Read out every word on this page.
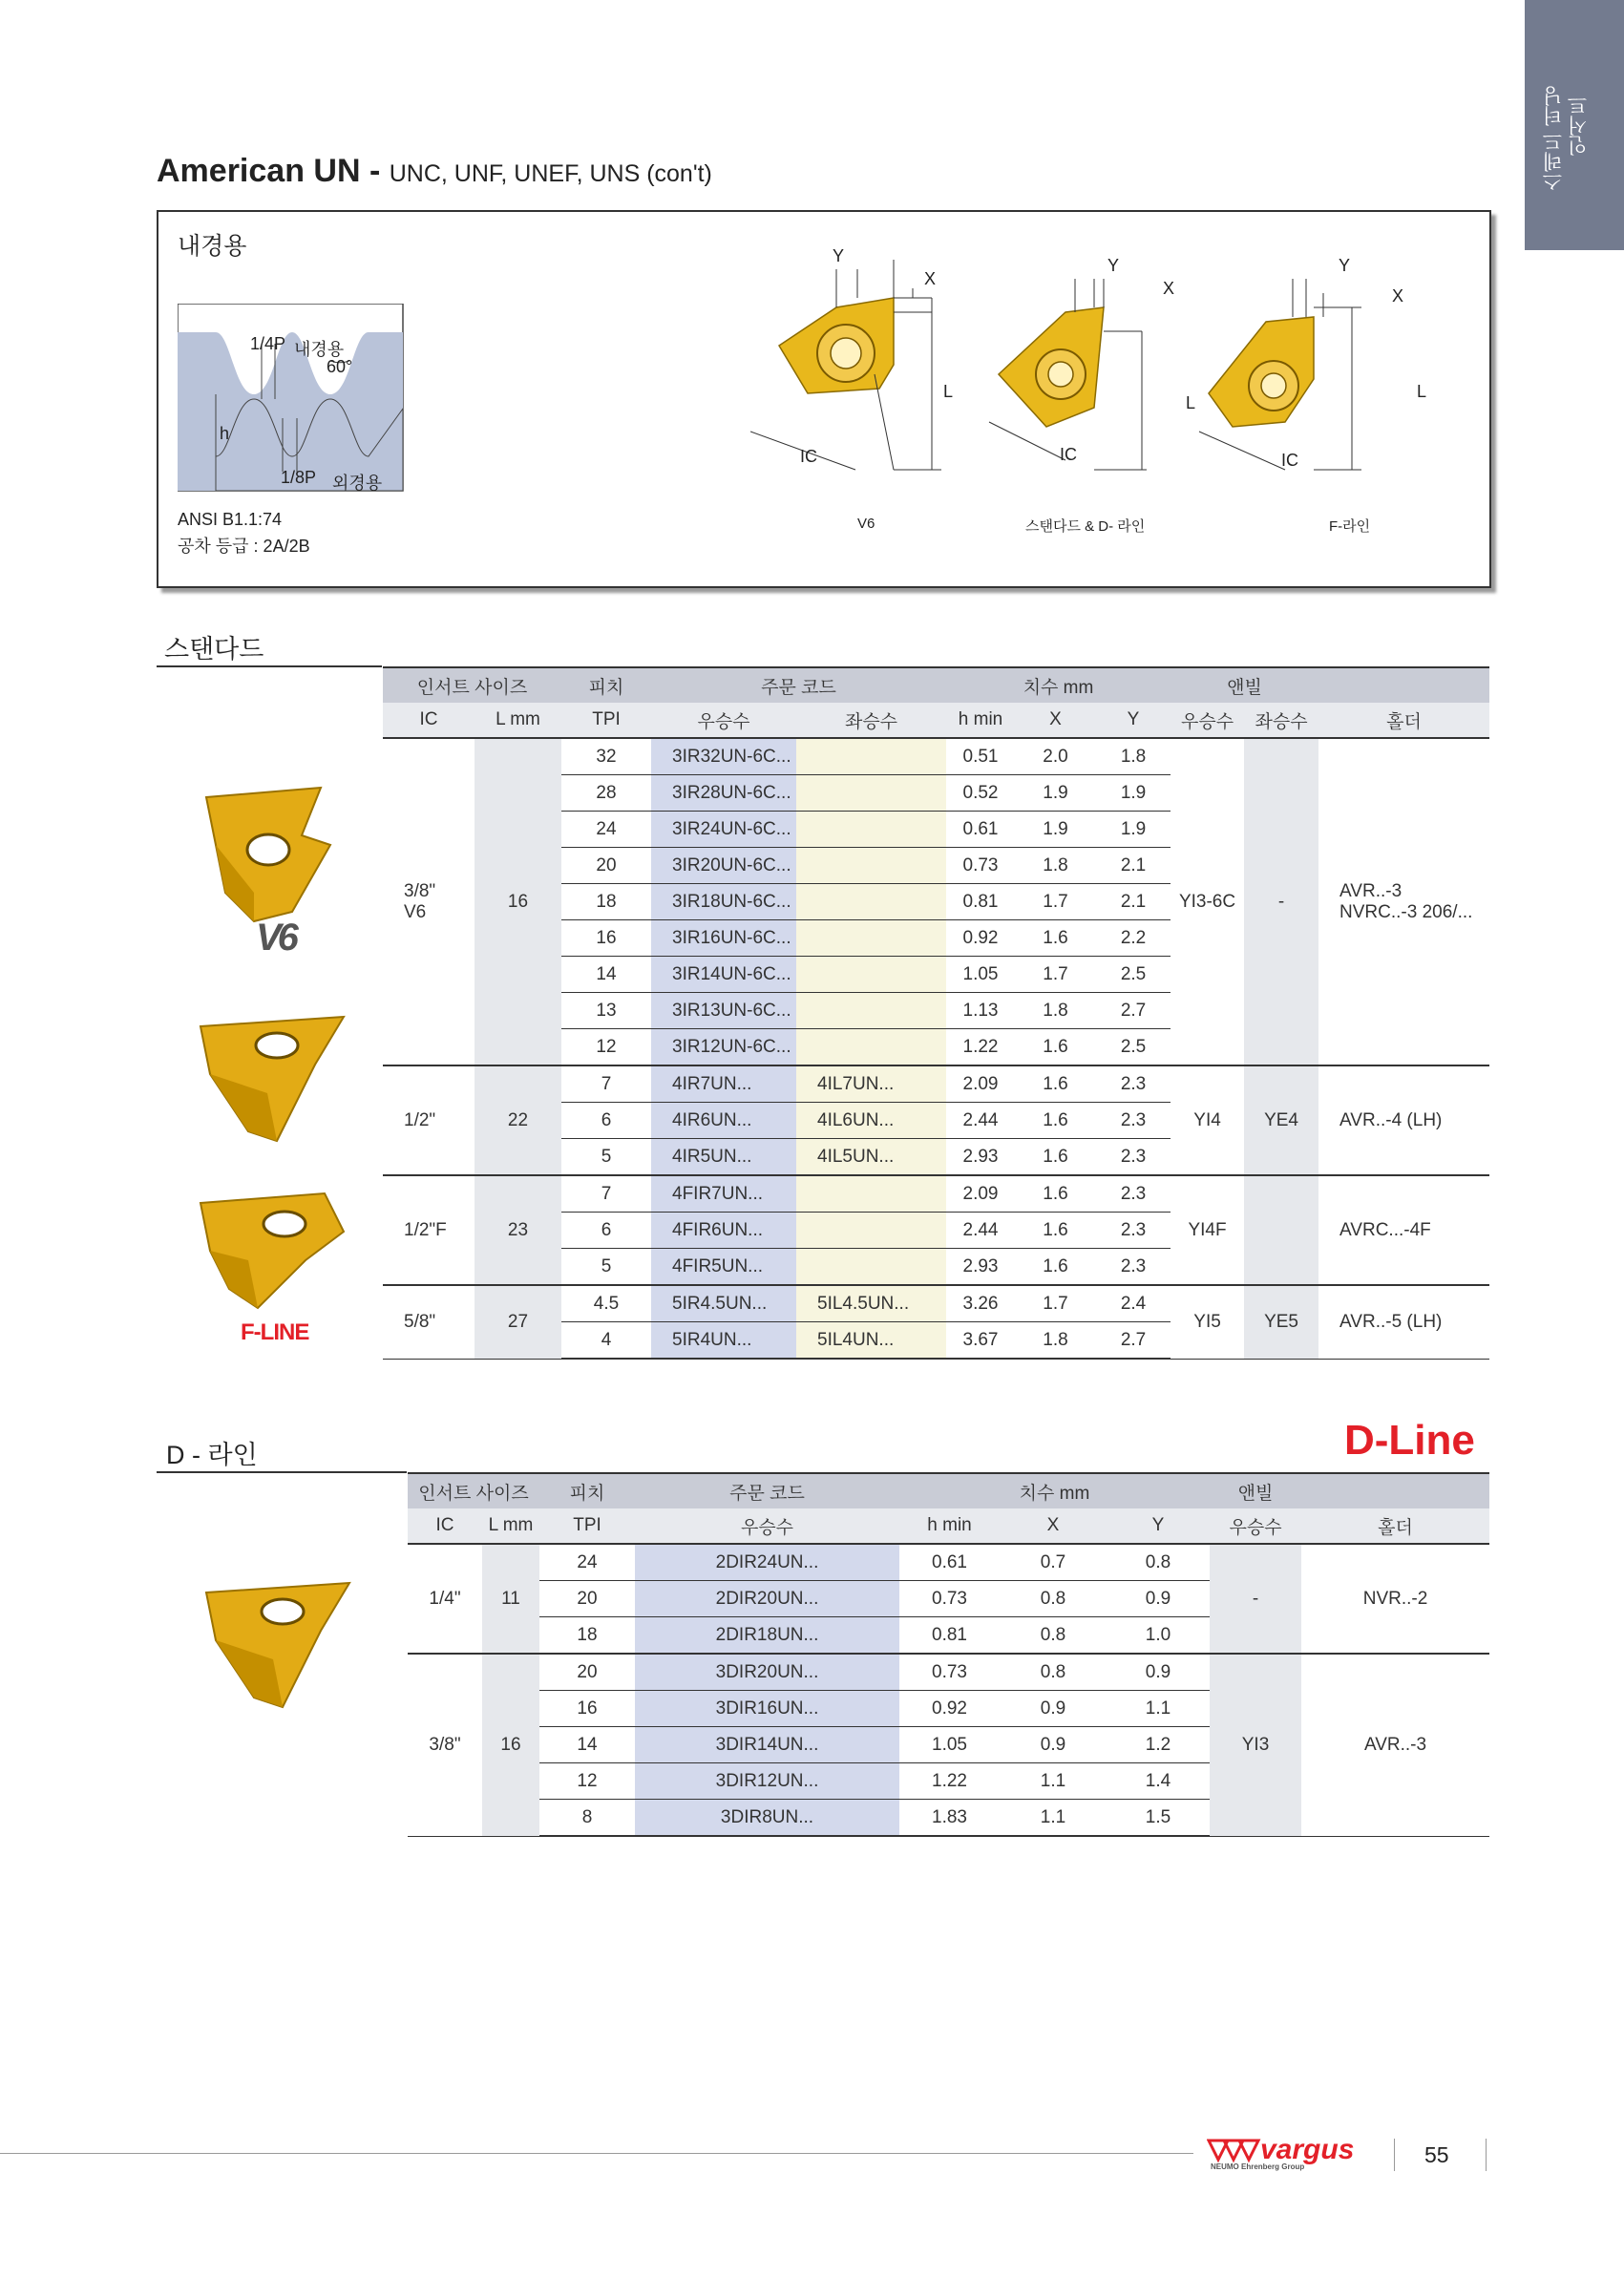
스레드 터닝 인서트
American UN - UNC, UNF, UNEF, UNS (con't)
내경용
1/4P 내경용
60°
h
1/8P 외경용
ANSI B1.1:74
공차 등급 : 2A/2B
Y
X
L
IC
Y
X
L
IC
Y
X
L
IC
V6	스탠다드 & D- 라인	F-라인
스탠다드
V6
F-LINE
인서트 사이즈		피치	주문 코드		치수 mm			앤빌		
IC	L mm	TPI	우승수	좌승수	h min	X	Y	우승수	좌승수	홀더
3/8"
V6	16	32	3IR32UN-6C...		0.51	2.0	1.8	YI3-6C	-	AVR..-3
NVRC..-3 206/...
		28	3IR28UN-6C...		0.52	1.9	1.9			
		24	3IR24UN-6C...		0.61	1.9	1.9			
		20	3IR20UN-6C...		0.73	1.8	2.1			
		18	3IR18UN-6C...		0.81	1.7	2.1			
		16	3IR16UN-6C...		0.92	1.6	2.2			
		14	3IR14UN-6C...		1.05	1.7	2.5			
		13	3IR13UN-6C...		1.13	1.8	2.7			
		12	3IR12UN-6C...		1.22	1.6	2.5			
1/2"	22	7	4IR7UN...	4IL7UN...	2.09	1.6	2.3	YI4	YE4	AVR..-4 (LH)
		6	4IR6UN...	4IL6UN...	2.44	1.6	2.3			
		5	4IR5UN...	4IL5UN...	2.93	1.6	2.3			
1/2"F	23	7	4FIR7UN...		2.09	1.6	2.3	YI4F		AVRC...-4F
		6	4FIR6UN...		2.44	1.6	2.3			
		5	4FIR5UN...		2.93	1.6	2.3			
5/8"	27	4.5	5IR4.5UN...	5IL4.5UN...	3.26	1.7	2.4	YI5	YE5	AVR..-5 (LH)
		4	5IR4UN...	5IL4UN...	3.67	1.8	2.7			
D - 라인	D-Line
인서트 사이즈		피치	주문 코드	치수 mm			앤빌	
IC	L mm	TPI	우승수	h min	X	Y	우승수	홀더
1/4"	11	24	2DIR24UN...	0.61	0.7	0.8	-	NVR..-2
		20	2DIR20UN...	0.73	0.8	0.9		
		18	2DIR18UN...	0.81	0.8	1.0		
3/8"	16	20	3DIR20UN...	0.73	0.8	0.9	YI3	AVR..-3
		16	3DIR16UN...	0.92	0.9	1.1		
		14	3DIR14UN...	1.05	0.9	1.2		
		12	3DIR12UN...	1.22	1.1	1.4		
		8	3DIR8UN...	1.83	1.1	1.5		
vargus
NEUMO Ehrenberg Group	55
